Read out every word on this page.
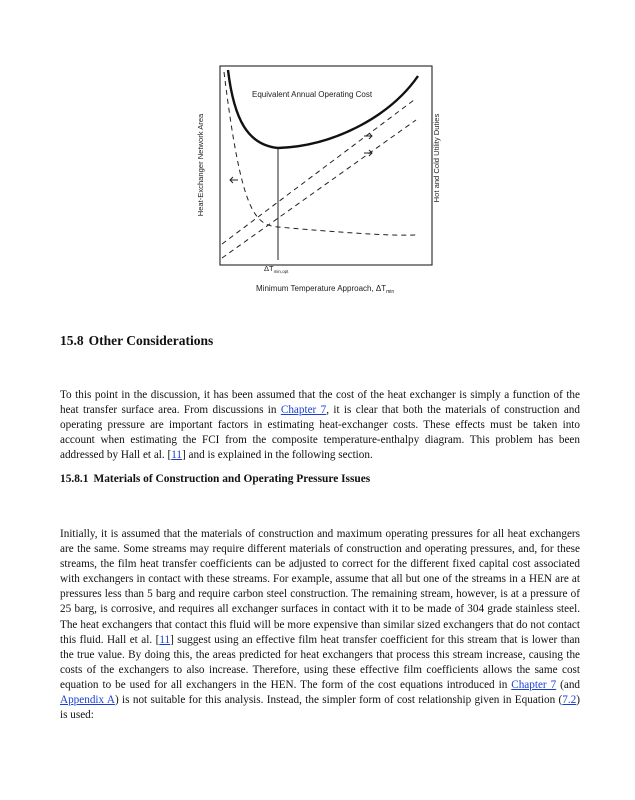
Equivalent Annual Operating Cost
Heat-Exchanger Network Area	Hot and Cold Utility Duties
$\Delta T_{min,opt}$
Minimum Temperature Approach, $\Delta T_{min}$
15.8 Other Considerations

To this point in the discussion, it has been assumed that the cost of the heat exchanger is simply a function of the heat transfer surface area. From discussions in Chapter 7, it is clear that both the materials of construction and operating pressure are important factors in estimating heat-exchanger costs. These effects must be taken into account when estimating the FCI from the composite temperature-enthalpy diagram. This problem has been addressed by Hall et al. [11] and is explained in the following section.

15.8.1 Materials of Construction and Operating Pressure Issues

Initially, it is assumed that the materials of construction and maximum operating pressures for all heat exchangers are the same. Some streams may require different materials of construction and operating pressures, and, for these streams, the film heat transfer coefficients can be adjusted to correct for the different fixed capital cost associated with exchangers in contact with these streams. For example, assume that all but one of the streams in a HEN are at pressures less than 5 barg and require carbon steel construction. The remaining stream, however, is at a pressure of 25 barg, is corrosive, and requires all exchanger surfaces in contact with it to be made of 304 grade stainless steel. The heat exchangers that contact this fluid will be more expensive than similar sized exchangers that do not contact this fluid. Hall et al. [11] suggest using an effective film heat transfer coefficient for this stream that is lower than the true value. By doing this, the areas predicted for heat exchangers that process this stream increase, causing the costs of the exchangers to also increase. Therefore, using these effective film coefficients allows the same cost equation to be used for all exchangers in the HEN. The form of the cost equations introduced in Chapter 7 (and Appendix A) is not suitable for this analysis. Instead, the simpler form of cost relationship given in Equation (7.2) is used:
